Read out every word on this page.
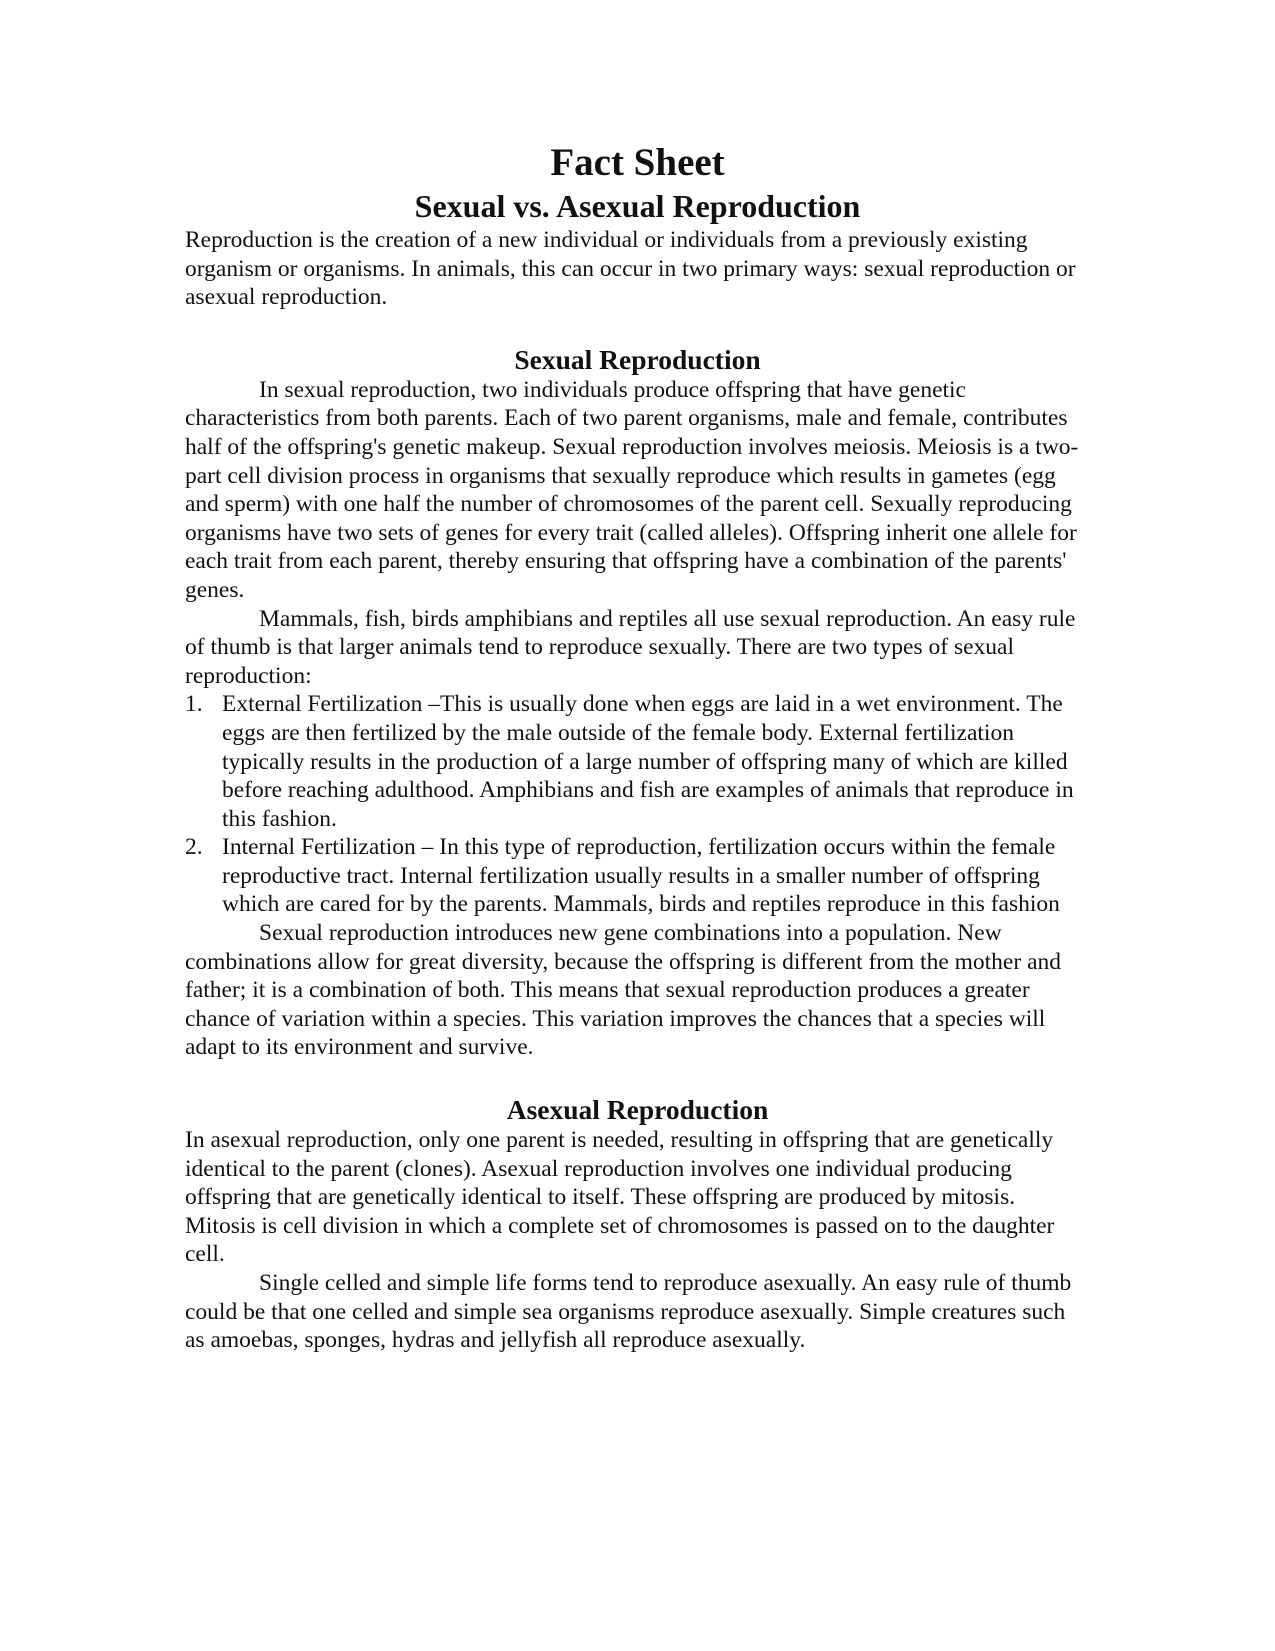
Fact Sheet
Sexual vs. Asexual Reproduction

Reproduction is the creation of a new individual or individuals from a previously existing organism or organisms. In animals, this can occur in two primary ways: sexual reproduction or asexual reproduction.

Sexual Reproduction

In sexual reproduction, two individuals produce offspring that have genetic characteristics from both parents. Each of two parent organisms, male and female, contributes half of the offspring's genetic makeup. Sexual reproduction involves meiosis. Meiosis is a two-part cell division process in organisms that sexually reproduce which results in gametes (egg and sperm) with one half the number of chromosomes of the parent cell. Sexually reproducing organisms have two sets of genes for every trait (called alleles). Offspring inherit one allele for each trait from each parent, thereby ensuring that offspring have a combination of the parents' genes.

Mammals, fish, birds amphibians and reptiles all use sexual reproduction. An easy rule of thumb is that larger animals tend to reproduce sexually. There are two types of sexual reproduction:

1. External Fertilization –This is usually done when eggs are laid in a wet environment. The eggs are then fertilized by the male outside of the female body. External fertilization typically results in the production of a large number of offspring many of which are killed before reaching adulthood. Amphibians and fish are examples of animals that reproduce in this fashion.
2. Internal Fertilization – In this type of reproduction, fertilization occurs within the female reproductive tract. Internal fertilization usually results in a smaller number of offspring which are cared for by the parents. Mammals, birds and reptiles reproduce in this fashion

Sexual reproduction introduces new gene combinations into a population. New combinations allow for great diversity, because the offspring is different from the mother and father; it is a combination of both. This means that sexual reproduction produces a greater chance of variation within a species. This variation improves the chances that a species will adapt to its environment and survive.

Asexual Reproduction

In asexual reproduction, only one parent is needed, resulting in offspring that are genetically identical to the parent (clones). Asexual reproduction involves one individual producing offspring that are genetically identical to itself. These offspring are produced by mitosis. Mitosis is cell division in which a complete set of chromosomes is passed on to the daughter cell.

Single celled and simple life forms tend to reproduce asexually. An easy rule of thumb could be that one celled and simple sea organisms reproduce asexually. Simple creatures such as amoebas, sponges, hydras and jellyfish all reproduce asexually.
